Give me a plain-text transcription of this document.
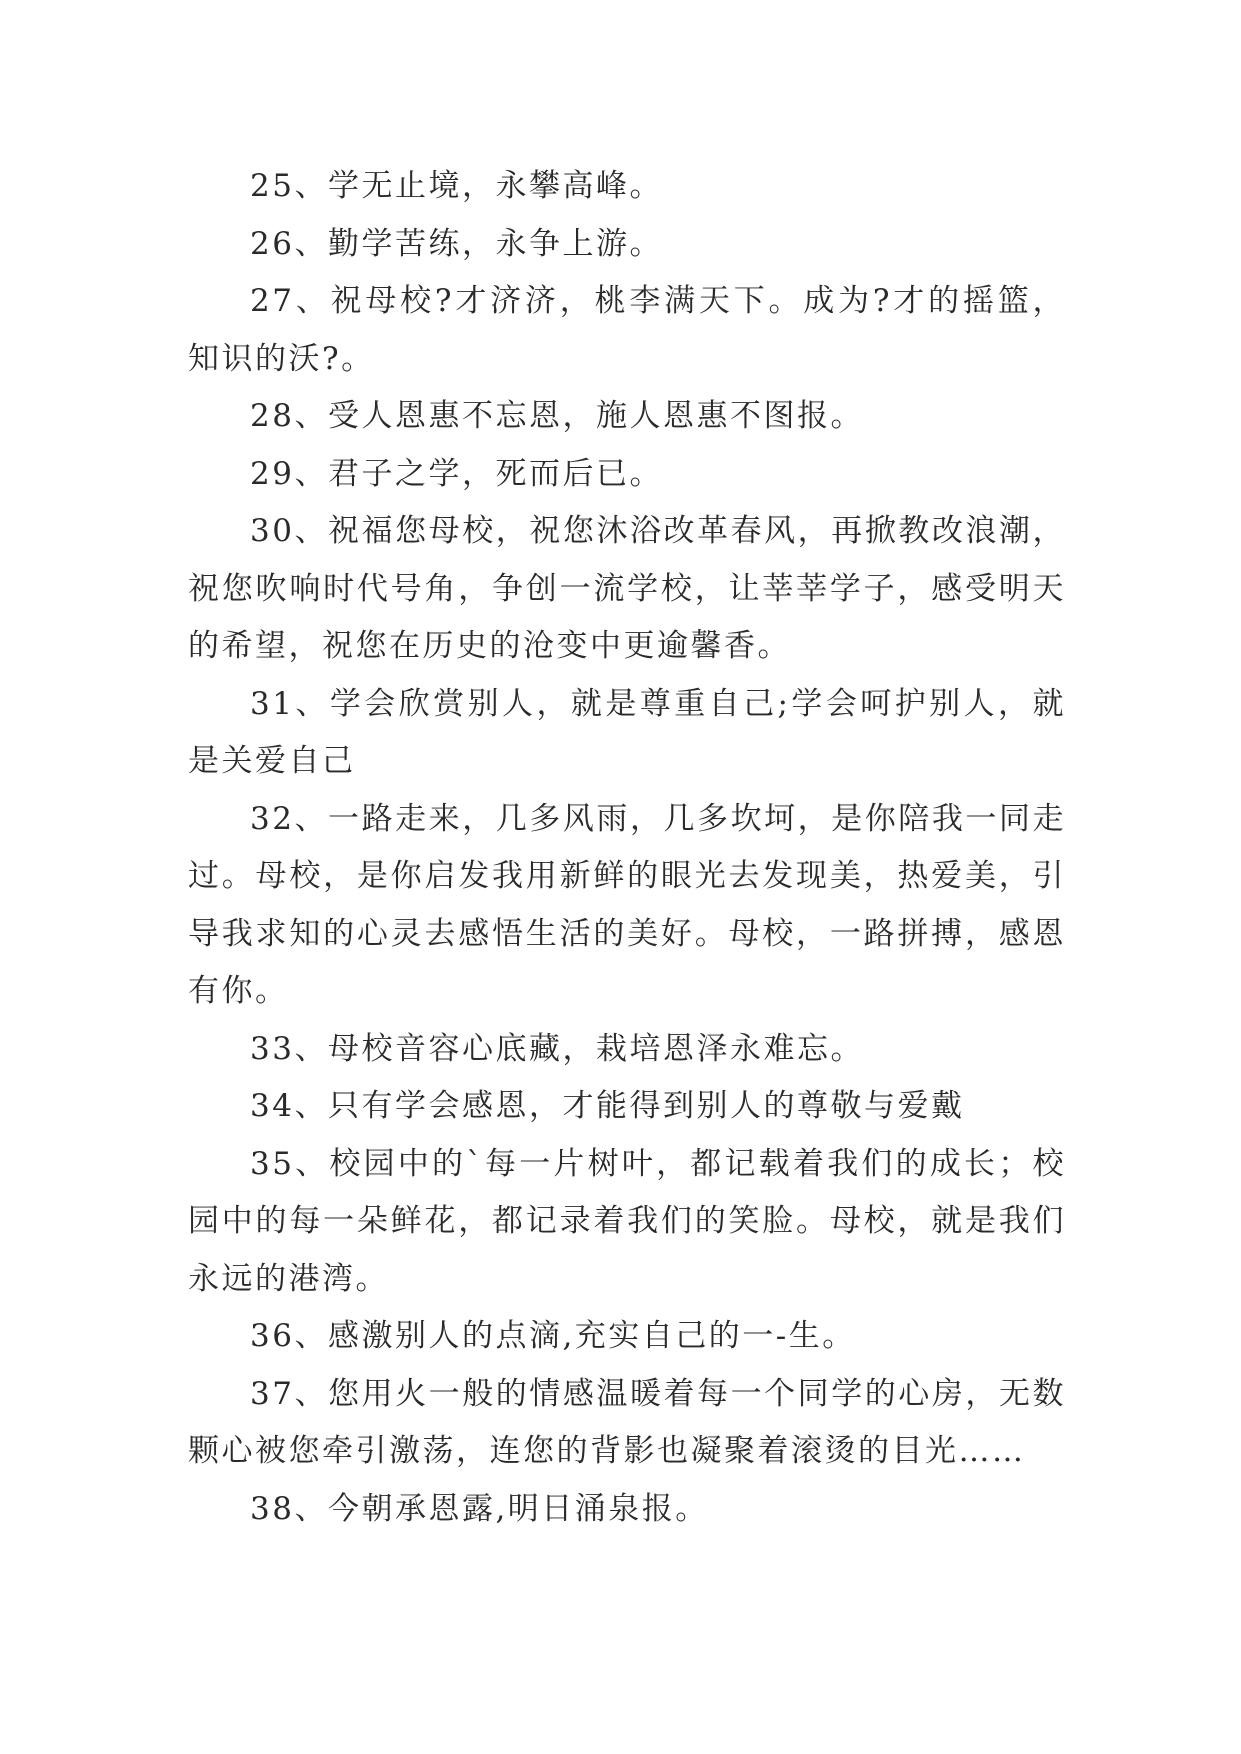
25、学无止境，永攀高峰。

26、勤学苦练，永争上游。

27、祝母校?才济济，桃李满天下。成为?才的摇篮，知识的沃?。

28、受人恩惠不忘恩，施人恩惠不图报。

29、君子之学，死而后已。

30、祝福您母校，祝您沐浴改革春风，再掀教改浪潮，祝您吹响时代号角，争创一流学校，让莘莘学子，感受明天的希望，祝您在历史的沧变中更逾馨香。

31、学会欣赏别人，就是尊重自己;学会呵护别人，就是关爱自己

32、一路走来，几多风雨，几多坎坷，是你陪我一同走过。母校，是你启发我用新鲜的眼光去发现美，热爱美，引导我求知的心灵去感悟生活的美好。母校，一路拼搏，感恩有你。

33、母校音容心底藏，栽培恩泽永难忘。

34、只有学会感恩，才能得到别人的尊敬与爱戴

35、校园中的`每一片树叶，都记载着我们的成长；校园中的每一朵鲜花，都记录着我们的笑脸。母校，就是我们永远的港湾。

36、感激别人的点滴,充实自己的一-生。

37、您用火一般的情感温暖着每一个同学的心房，无数颗心被您牵引激荡，连您的背影也凝聚着滚烫的目光……

38、今朝承恩露,明日涌泉报。
